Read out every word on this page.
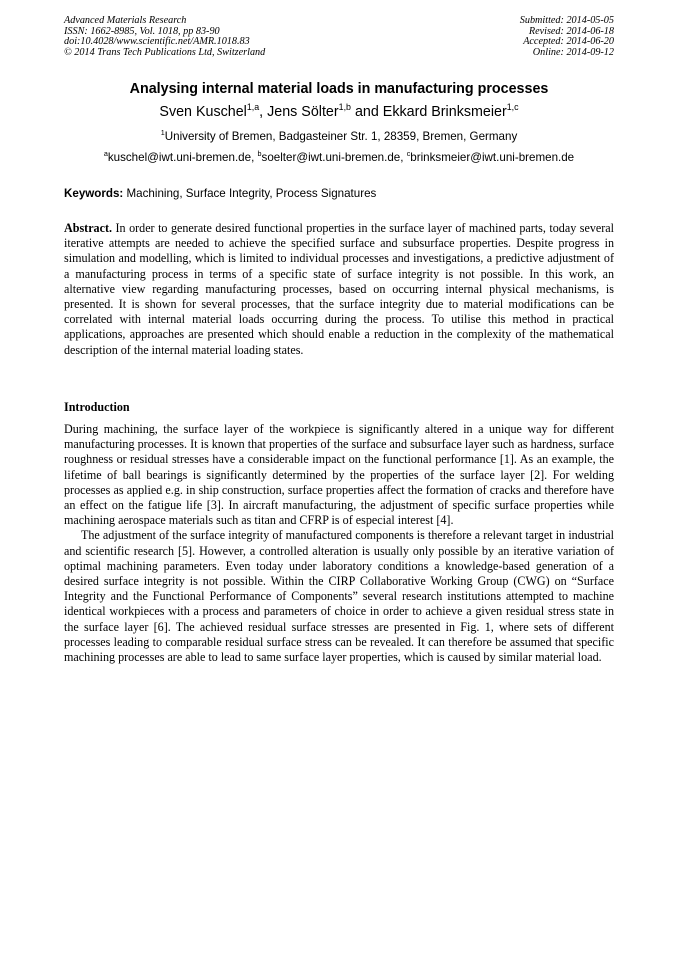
Advanced Materials Research
ISSN: 1662-8985, Vol. 1018, pp 83-90
doi:10.4028/www.scientific.net/AMR.1018.83
© 2014 Trans Tech Publications Ltd, Switzerland
Submitted: 2014-05-05
Revised: 2014-06-18
Accepted: 2014-06-20
Online: 2014-09-12
Analysing internal material loads in manufacturing processes
Sven Kuschel$^{1,a}$, Jens Sölter$^{1,b}$ and Ekkard Brinksmeier$^{1,c}$
$^1$University of Bremen, Badgasteiner Str. 1, 28359, Bremen, Germany
$^a$kuschel@iwt.uni-bremen.de, $^b$soelter@iwt.uni-bremen.de, $^c$brinksmeier@iwt.uni-bremen.de
Keywords: Machining, Surface Integrity, Process Signatures
Abstract. In order to generate desired functional properties in the surface layer of machined parts, today several iterative attempts are needed to achieve the specified surface and subsurface properties. Despite progress in simulation and modelling, which is limited to individual processes and investigations, a predictive adjustment of a manufacturing process in terms of a specific state of surface integrity is not possible. In this work, an alternative view regarding manufacturing processes, based on occurring internal physical mechanisms, is presented. It is shown for several processes, that the surface integrity due to material modifications can be correlated with internal material loads occurring during the process. To utilise this method in practical applications, approaches are presented which should enable a reduction in the complexity of the mathematical description of the internal material loading states.
Introduction

During machining, the surface layer of the workpiece is significantly altered in a unique way for different manufacturing processes. It is known that properties of the surface and subsurface layer such as hardness, surface roughness or residual stresses have a considerable impact on the functional performance [1]. As an example, the lifetime of ball bearings is significantly determined by the properties of the surface layer [2]. For welding processes as applied e.g. in ship construction, surface properties affect the formation of cracks and therefore have an effect on the fatigue life [3]. In aircraft manufacturing, the adjustment of specific surface properties while machining aerospace materials such as titan and CFRP is of especial interest [4].

The adjustment of the surface integrity of manufactured components is therefore a relevant target in industrial and scientific research [5]. However, a controlled alteration is usually only possible by an iterative variation of optimal machining parameters. Even today under laboratory conditions a knowledge-based generation of a desired surface integrity is not possible. Within the CIRP Collaborative Working Group (CWG) on “Surface Integrity and the Functional Performance of Components” several research institutions attempted to machine identical workpieces with a process and parameters of choice in order to achieve a given residual stress state in the surface layer [6]. The achieved residual surface stresses are presented in Fig. 1, where sets of different processes leading to comparable residual surface stress can be revealed. It can therefore be assumed that specific machining processes are able to lead to same surface layer properties, which is caused by similar material load.
